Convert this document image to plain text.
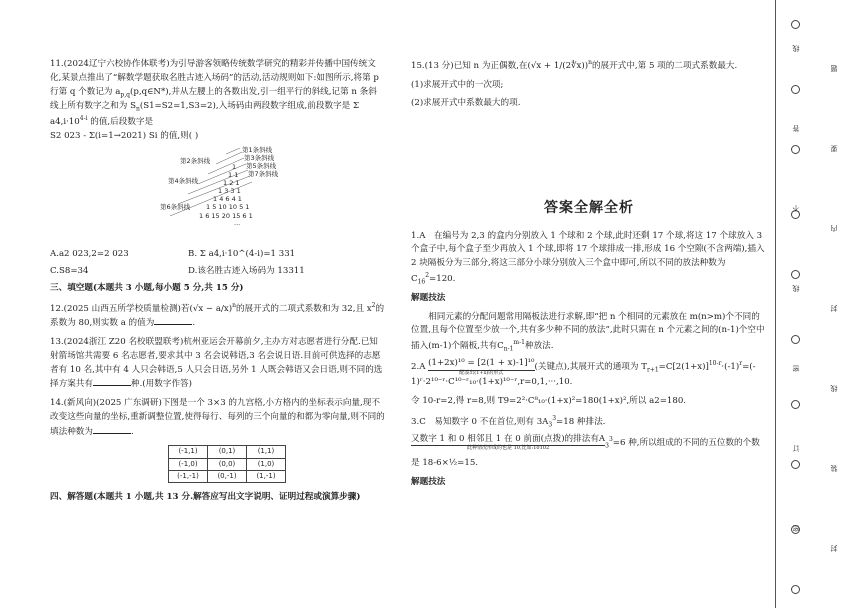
11.(2024辽宁六校协作体联考)为引导游客领略传统数学研究的精彩并传播中国传统文化,某景点推出了“解数学题获取名胜古迹入场码”的活动,活动规则如下:如图所示,将第 p 行第 q 个数记为 $a_{p,q}(p,q\in N*)$,并从左腰上的各数出发,引一组平行的斜线,记第 n 条斜线上所有数字之和为 $S_n(S1=S2=1,S3=2)$,入场码由两段数字组成,前段数字是 Σ $a4,i\cdot 10^{4-i}$ 的值,后段数字是
S2 023 - Σ(i=1→2021) Si 的值,则( )

第1条斜线
第3条斜线
第5条斜线
第7条斜线
第2条斜线
第4条斜线
第6条斜线
1
1 1
1 2 1
1 3 3 1
1 4 6 4 1
1 5 10 10 5 1
1 6 15 20 15 6 1
···
A.a2 023,2=2 023	B. Σ a4,i·10^(4-i)=1 331
C.S8=34	D.该名胜古迹入场码为 13311

三、填空题(本题共 3 小题,每小题 5 分,共 15 分)

12.(2025 山西五所学校质量检测)若$(√x - a/x)^n$的展开式的二项式系数和为 32,且 $x^2$的系数为 80,则实数 a 的值为	.

13.(2024浙江 Z20 名校联盟联考)杭州亚运会开幕前夕,主办方对志愿者进行分配.已知射箭场馆共需要 6 名志愿者,要求其中 3 名会说韩语,3 名会说日语.目前可供选择的志愿者有 10 名,其中有 4 人只会韩语,5 人只会日语,另外 1 人既会韩语又会日语,则不同的选择方案共有	种.(用数字作答)

14.(新风向)(2025 广东调研)下图是一个 3×3 的九宫格,小方格内的坐标表示向量,现不改变这些向量的坐标,重新调整位置,使得每行、每列的三个向量的和都为零向量,则不同的填法种数为	.

(-1,1)	(0,1)	(1,1)
(-1,0)	(0,0)	(1,0)
(-1,-1)	(0,-1)	(1,-1)

四、解答题(本题共 1 小题,共 13 分.解答应写出文字说明、证明过程或演算步骤)

15.(13 分)已知 n 为正偶数,在(√x + 1/(2∜x))$^n$的展开式中,第 5 项的二项式系数最大.

(1)求展开式中的一次项;

(2)求展开式中系数最大的项.

答案全解全析

1.A　在编号为 2,3 的盒内分别放入 1 个球和 2 个球,此时还剩 17 个球,将这 17 个球放入 3 个盒子中,每个盒子至少再放入 1 个球,即将 17 个球排成一排,形成 16 个空隙(不含两端),插入 2 块隔板分为三部分,将这三部分小球分别放入三个盒中即可,所以不同的放法种数为$C_{16}^2=120$.

解题技法

相同元素的分配问题常用隔板法进行求解,即“把 n 个相同的元素放在 m(n>m)个不同的位置,且每个位置至少放一个,共有多少种不同的放法”,此时只需在 n 个元素之间的(n-1)个空中插入(m-1)个隔板,共有$C_{n-1}^{m-1}$种放法.

2.A (1+2x)¹⁰ = [2(1 + x)-1]¹⁰
配凑出(1+x)的形式
(关键点),其展开式的通项为 $T_{r+1}=C[2(1+x)]^{10-r}\cdot(-1)^r=(-$
1)ʳ·2¹⁰⁻ʳ·C¹⁰⁻ʳ₁₀·(1+x)¹⁰⁻ʳ,r=0,1,···,10.

令 10-r=2,得 r=8,则 T9=2²·C⁸₁₀·(1+x)²=180(1+x)²,所以 a2=180.

3.C　易知数字 0 不在首位,则有 $3A_3^3=18$ 种排法.

又数字 1 和 0 相邻且 1 在 0 前面(点拨)的排法有A
此种情况形成的也是 10,比如:10102	$_3^3$=6 种,所以组成的不同的五位数的个数

是 18-6×½=15.

解题技法

线
题
答
要
不
内
线
封
密
线
订
装
密
封
